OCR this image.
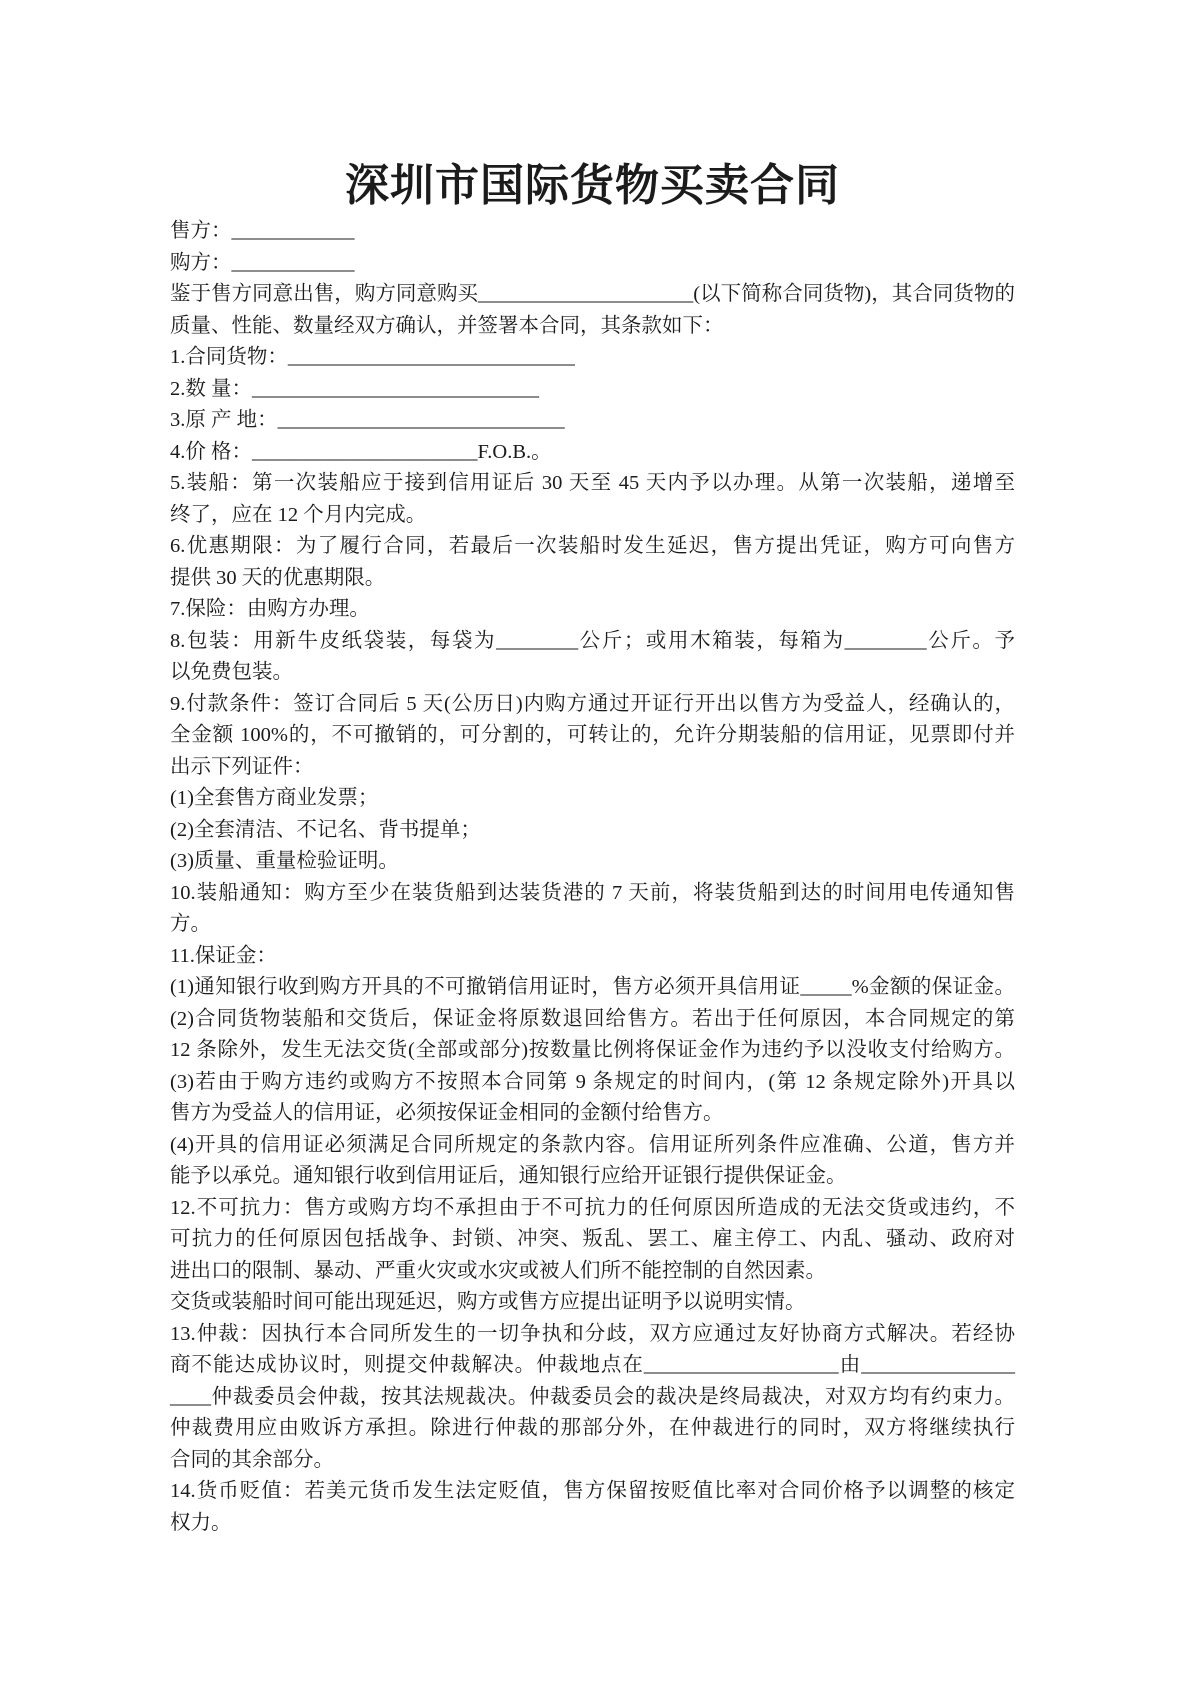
深圳市国际货物买卖合同
售方：____________
购方：____________
鉴于售方同意出售，购方同意购买_____________________(以下简称合同货物)，其合同货物的
质量、性能、数量经双方确认，并签署本合同，其条款如下：
1.合同货物：____________________________
2.数 量：____________________________
3.原 产 地：____________________________
4.价 格：______________________F.O.B.。
5.装船：第一次装船应于接到信用证后 30 天至 45 天内予以办理。从第一次装船，递增至
终了，应在 12 个月内完成。
6.优惠期限：为了履行合同，若最后一次装船时发生延迟，售方提出凭证，购方可向售方
提供 30 天的优惠期限。
7.保险：由购方办理。
8.包装：用新牛皮纸袋装，每袋为________公斤；或用木箱装，每箱为________公斤。予
以免费包装。
9.付款条件：签订合同后 5 天(公历日)内购方通过开证行开出以售方为受益人，经确认的，
全金额 100%的，不可撤销的，可分割的，可转让的，允许分期装船的信用证，见票即付并
出示下列证件：
(1)全套售方商业发票；
(2)全套清洁、不记名、背书提单；
(3)质量、重量检验证明。
10.装船通知：购方至少在装货船到达装货港的 7 天前，将装货船到达的时间用电传通知售
方。
11.保证金：
(1)通知银行收到购方开具的不可撤销信用证时，售方必须开具信用证_____%金额的保证金。
(2)合同货物装船和交货后，保证金将原数退回给售方。若出于任何原因，本合同规定的第
12 条除外，发生无法交货(全部或部分)按数量比例将保证金作为违约予以没收支付给购方。
(3)若由于购方违约或购方不按照本合同第 9 条规定的时间内，(第 12 条规定除外)开具以
售方为受益人的信用证，必须按保证金相同的金额付给售方。
(4)开具的信用证必须满足合同所规定的条款内容。信用证所列条件应准确、公道，售方并
能予以承兑。通知银行收到信用证后，通知银行应给开证银行提供保证金。
12.不可抗力：售方或购方均不承担由于不可抗力的任何原因所造成的无法交货或违约，不
可抗力的任何原因包括战争、封锁、冲突、叛乱、罢工、雇主停工、内乱、骚动、政府对
进出口的限制、暴动、严重火灾或水灾或被人们所不能控制的自然因素。
交货或装船时间可能出现延迟，购方或售方应提出证明予以说明实情。
13.仲裁：因执行本合同所发生的一切争执和分歧，双方应通过友好协商方式解决。若经协
商不能达成协议时，则提交仲裁解决。仲裁地点在___________________由_______________
____仲裁委员会仲裁，按其法规裁决。仲裁委员会的裁决是终局裁决，对双方均有约束力。
仲裁费用应由败诉方承担。除进行仲裁的那部分外，在仲裁进行的同时，双方将继续执行
合同的其余部分。
14.货币贬值：若美元货币发生法定贬值，售方保留按贬值比率对合同价格予以调整的核定
权力。
